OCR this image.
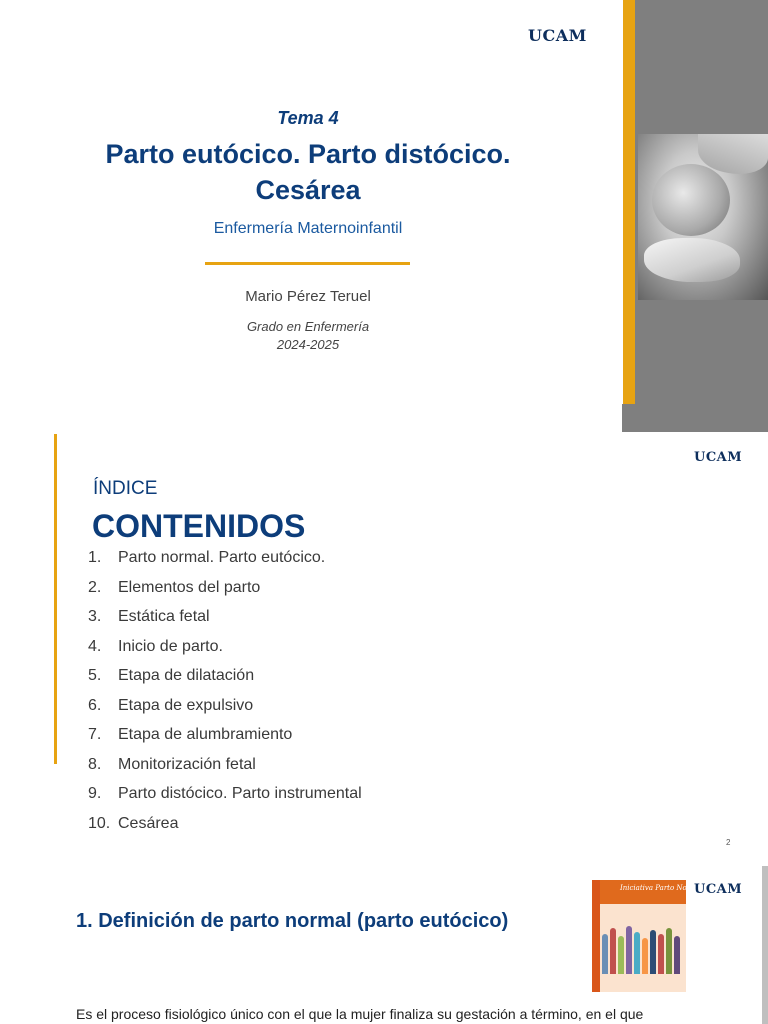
UCAM
Tema 4
Parto eutócico. Parto distócico.
Cesárea
Enfermería Maternoinfantil
Mario Pérez Teruel
Grado en Enfermería
2024-2025
UCAM
ÍNDICE
CONTENIDOS
1.	Parto normal. Parto eutócico.
2.	Elementos del parto
3.	Estática fetal
4.	Inicio de parto.
5.	Etapa de dilatación
6.	Etapa de expulsivo
7.	Etapa de alumbramiento
8.	Monitorización fetal
9.	Parto distócico. Parto instrumental
10. Cesárea
2
Iniciativa Parto Normal
UCAM
1. Definición de parto normal (parto eutócico)
Es el proceso fisiológico único con el que la mujer finaliza su gestación a término, en el que
